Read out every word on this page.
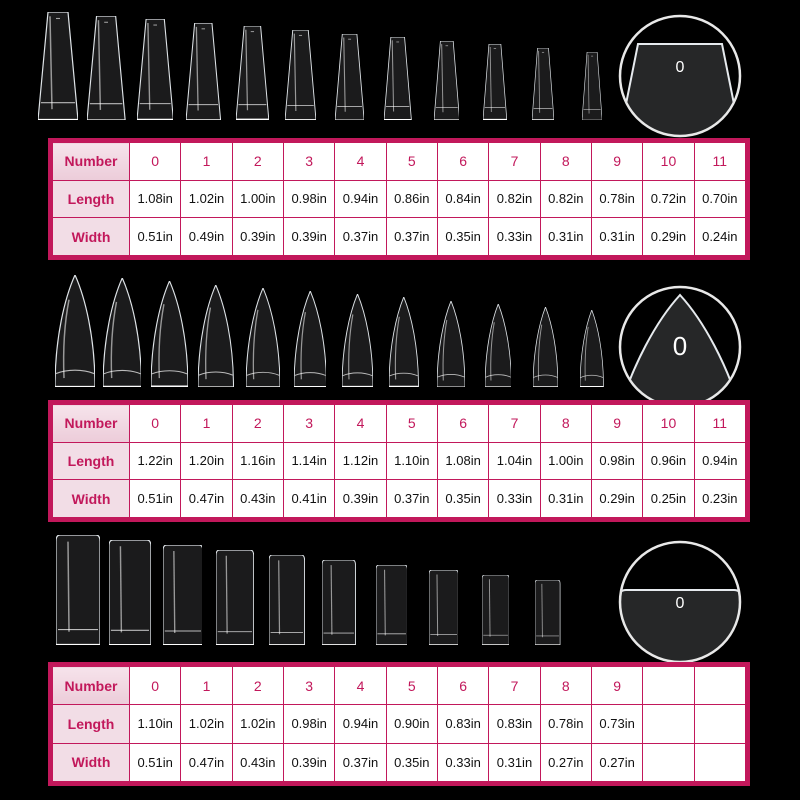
0
Number	0	1	2	3	4	5	6	7	8	9	10	11
Length	1.08in	1.02in	1.00in	0.98in	0.94in	0.86in	0.84in	0.82in	0.82in	0.78in	0.72in	0.70in
Width	0.51in	0.49in	0.39in	0.39in	0.37in	0.37in	0.35in	0.33in	0.31in	0.31in	0.29in	0.24in
0
Number	0	1	2	3	4	5	6	7	8	9	10	11
Length	1.22in	1.20in	1.16in	1.14in	1.12in	1.10in	1.08in	1.04in	1.00in	0.98in	0.96in	0.94in
Width	0.51in	0.47in	0.43in	0.41in	0.39in	0.37in	0.35in	0.33in	0.31in	0.29in	0.25in	0.23in
0
Number	0	1	2	3	4	5	6	7	8	9		
Length	1.10in	1.02in	1.02in	0.98in	0.94in	0.90in	0.83in	0.83in	0.78in	0.73in		
Width	0.51in	0.47in	0.43in	0.39in	0.37in	0.35in	0.33in	0.31in	0.27in	0.27in		
